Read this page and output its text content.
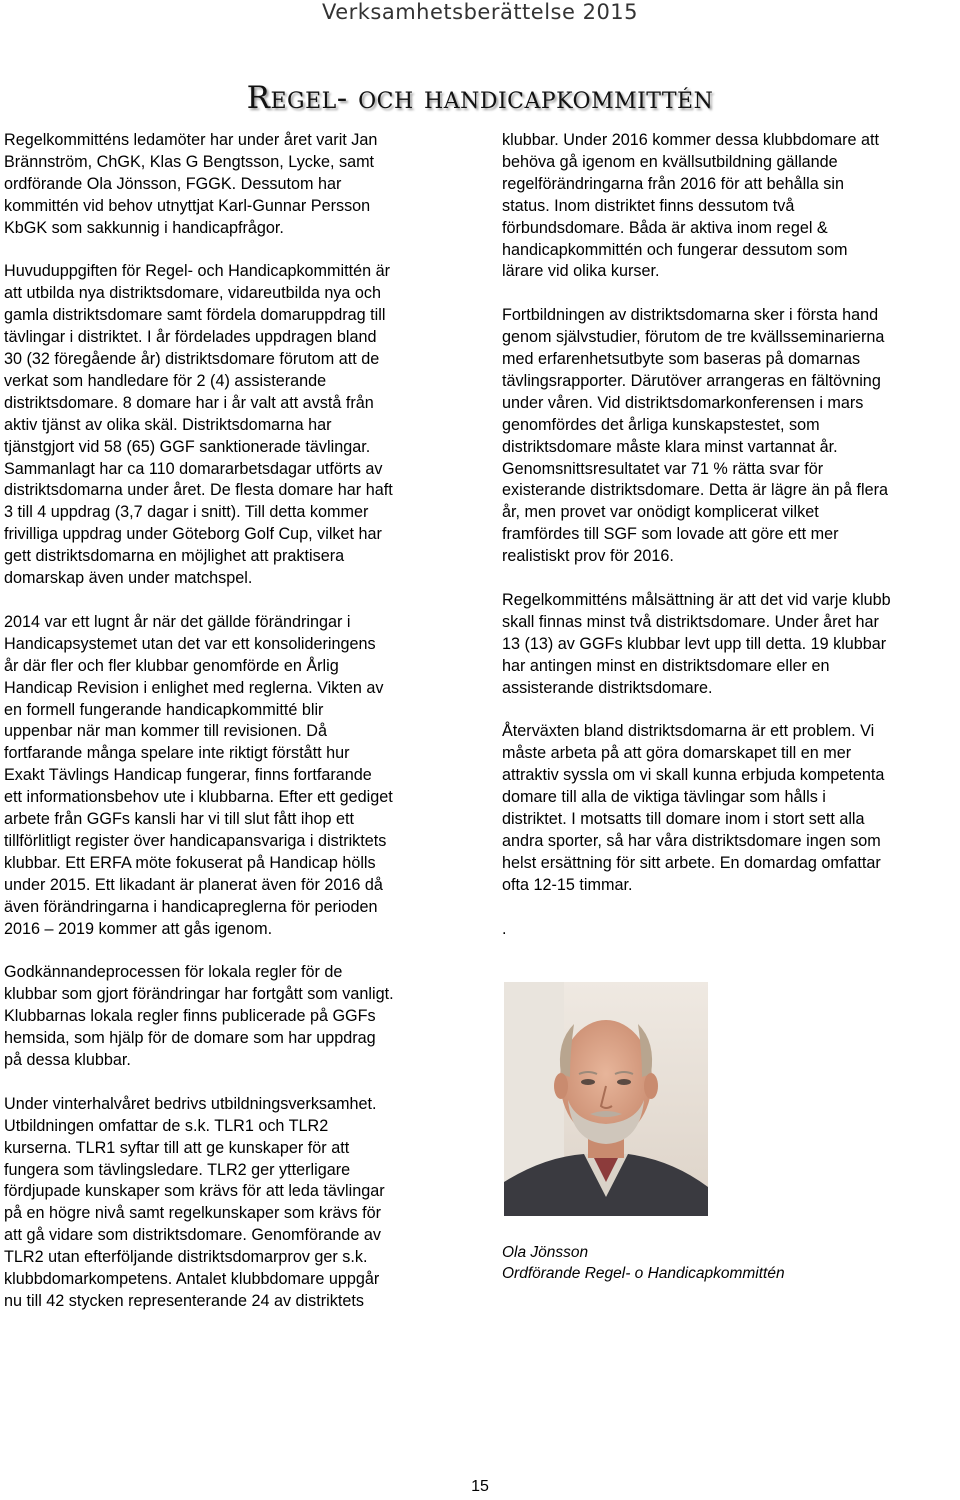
Verksamhetsberättelse 2015
Regel- och handicapkommittén

Regelkommitténs ledamöter har under året varit Jan
Brännström, ChGK, Klas G Bengtsson, Lycke, samt
ordförande Ola Jönsson, FGGK. Dessutom har
kommittén vid behov utnyttjat Karl-Gunnar Persson
KbGK som sakkunnig i handicapfrågor.

Huvuduppgiften för Regel- och Handicapkommittén är
att utbilda nya distriktsdomare, vidareutbilda nya och
gamla distriktsdomare samt fördela domaruppdrag till
tävlingar i distriktet. I år fördelades uppdragen bland
30 (32 föregående år) distriktsdomare förutom att de
verkat som handledare för 2 (4) assisterande
distriktsdomare. 8 domare har i år valt att avstå från
aktiv tjänst av olika skäl. Distriktsdomarna har
tjänstgjort vid 58 (65) GGF sanktionerade tävlingar.
Sammanlagt har ca 110 domararbetsdagar utförts av
distriktsdomarna under året. De flesta domare har haft
3 till 4 uppdrag (3,7 dagar i snitt). Till detta kommer
frivilliga uppdrag under Göteborg Golf Cup, vilket har
gett distriktsdomarna en möjlighet att praktisera
domarskap även under matchspel.

2014 var ett lugnt år när det gällde förändringar i
Handicapsystemet utan det var ett konsolideringens
år där fler och fler klubbar genomförde en Årlig
Handicap Revision i enlighet med reglerna. Vikten av
en formell fungerande handicapkommitté blir
uppenbar när man kommer till revisionen. Då
fortfarande många spelare inte riktigt förstått hur
Exakt Tävlings Handicap fungerar, finns fortfarande
ett informationsbehov ute i klubbarna. Efter ett gediget
arbete från GGFs kansli har vi till slut fått ihop ett
tillförlitligt register över handicapansvariga i distriktets
klubbar. Ett ERFA möte fokuserat på Handicap hölls
under 2015. Ett likadant är planerat även för 2016 då
även förändringarna i handicapreglerna för perioden
2016 – 2019 kommer att gås igenom.

Godkännandeprocessen för lokala regler för de
klubbar som gjort förändringar har fortgått som vanligt.
Klubbarnas lokala regler finns publicerade på GGFs
hemsida, som hjälp för de domare som har uppdrag
på dessa klubbar.

Under vinterhalvåret bedrivs utbildningsverksamhet.
Utbildningen omfattar de s.k. TLR1 och TLR2
kurserna. TLR1 syftar till att ge kunskaper för att
fungera som tävlingsledare. TLR2 ger ytterligare
fördjupade kunskaper som krävs för att leda tävlingar
på en högre nivå samt regelkunskaper som krävs för
att gå vidare som distriktsdomare. Genomförande av
TLR2 utan efterföljande distriktsdomarprov ger s.k.
klubbdomarkompetens. Antalet klubbdomare uppgår
nu till 42 stycken representerande 24 av distriktets

klubbar. Under 2016 kommer dessa klubbdomare att
behöva gå igenom en kvällsutbildning gällande
regelförändringarna från 2016 för att behålla sin
status. Inom distriktet finns dessutom två
förbundsdomare. Båda är aktiva inom regel &
handicapkommittén och fungerar dessutom som
lärare vid olika kurser.

Fortbildningen av distriktsdomarna sker i första hand
genom självstudier, förutom de tre kvällsseminarierna
med erfarenhetsutbyte som baseras på domarnas
tävlingsrapporter. Därutöver arrangeras en fältövning
under våren. Vid distriktsdomarkonferensen i mars
genomfördes det årliga kunskapstestet, som
distriktsdomare måste klara minst vartannat år.
Genomsnittsresultatet var 71 % rätta svar för
existerande distriktsdomare. Detta är lägre än på flera
år, men provet var onödigt komplicerat vilket
framfördes till SGF som lovade att göre ett mer
realistiskt prov för 2016.

Regelkommitténs målsättning är att det vid varje klubb
skall finnas minst två distriktsdomare. Under året har
13 (13) av GGFs klubbar levt upp till detta. 19 klubbar
har antingen minst en distriktsdomare eller en
assisterande distriktsdomare.

Återväxten bland distriktsdomarna är ett problem. Vi
måste arbeta på att göra domarskapet till en mer
attraktiv syssla om vi skall kunna erbjuda kompetenta
domare till alla de viktiga tävlingar som hålls i
distriktet. I motsatts till domare inom i stort sett alla
andra sporter, så har våra distriktsdomare ingen som
helst ersättning för sitt arbete. En domardag omfattar
ofta 12-15 timmar.

.

Ola Jönsson
Ordförande Regel- o Handicapkommittén
15
